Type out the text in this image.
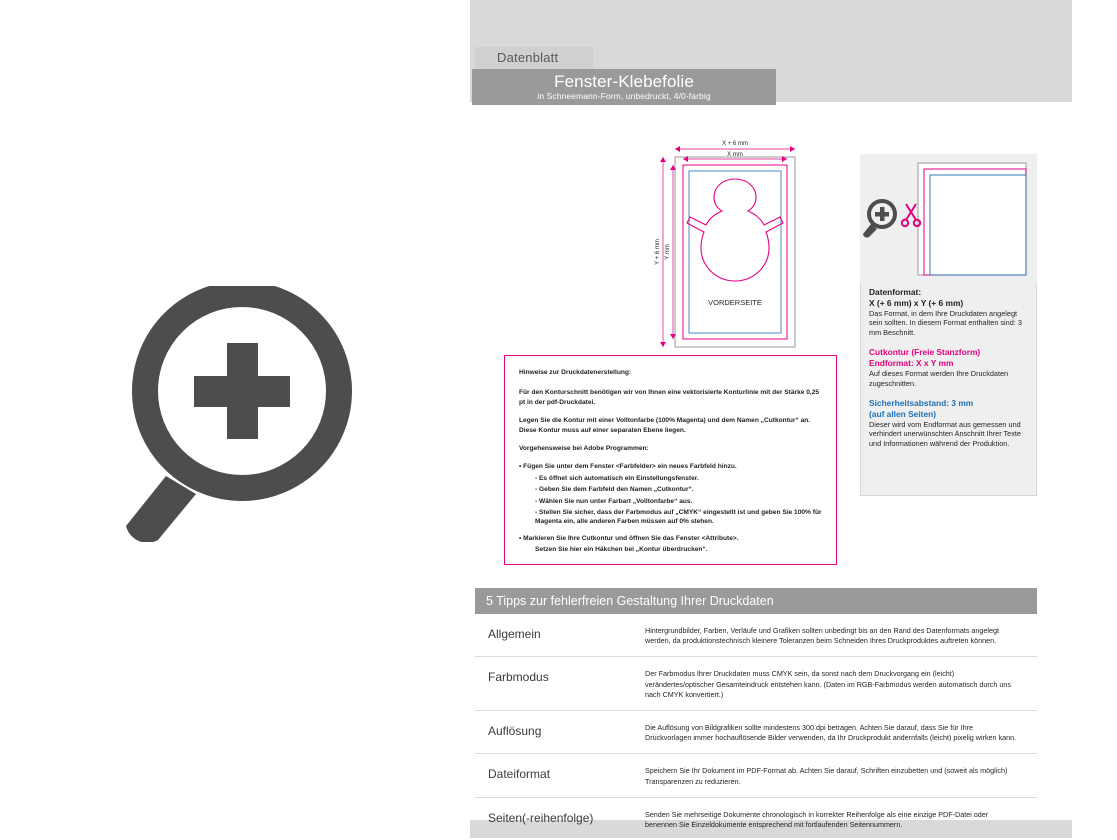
Datenblatt
Fenster-Klebefolie
in Schneemann-Form, unbedruckt, 4/0-farbig
X + 6 mm
X mm
Y + 6 mm Y mm
VORDERSEITE
Datenformat:
X (+ 6 mm) x Y (+ 6 mm)
Das Format, in dem Ihre Druckdaten angelegt sein sollten. In diesem Format enthalten sind: 3 mm Beschnitt.
Cutkontur (Freie Stanzform)
Endformat: X x Y mm
Auf dieses Format werden Ihre Druckdaten zugeschnitten.
Sicherheitsabstand: 3 mm
(auf allen Seiten)
Dieser wird vom Endformat aus gemessen und verhindert unerwünschten Anschnitt Ihrer Texte und Informationen während der Produktion.
Hinweise zur Druckdatenerstellung:

Für den Konturschnitt benötigen wir von Ihnen eine vektorisierte Konturlinie mit der Stärke 0,25 pt in der pdf-Druckdatei.

Legen Sie die Kontur mit einer Volltonfarbe (100% Magenta) und dem Namen „Cutkontur“ an. Diese Kontur muss auf einer separaten Ebene liegen.

Vorgehensweise bei Adobe Programmen:

• Fügen Sie unter dem Fenster <Farbfelder> ein neues Farbfeld hinzu.
- Es öffnet sich automatisch ein Einstellungsfenster.
- Geben Sie dem Farbfeld den Namen „Cutkontur“.
- Wählen Sie nun unter Farbart „Volltonfarbe“ aus.
- Stellen Sie sicher, dass der Farbmodus auf „CMYK“ eingestellt ist und geben Sie 100% für Magenta ein, alle anderen Farben müssen auf 0% stehen.
• Markieren Sie Ihre Cutkontur und öffnen Sie das Fenster <Attribute>.
Setzen Sie hier ein Häkchen bei „Kontur überdrucken“.
5 Tipps zur fehlerfreien Gestaltung Ihrer Druckdaten
Allgemein	Hintergrundbilder, Farben, Verläufe und Grafiken sollten unbedingt bis an den Rand des Datenformats angelegt werden, da produktionstechnisch kleinere Toleranzen beim Schneiden Ihres Druckproduktes auftreten können.
Farbmodus	Der Farbmodus Ihrer Druckdaten muss CMYK sein, da sonst nach dem Druckvorgang ein (leicht) verändertes/optischer Gesamteindruck entstehen kann. (Daten im RGB-Farbmodus werden automatisch durch uns nach CMYK konvertiert.)
Auflösung	Die Auflösung von Bildgrafiken sollte mindestens 300 dpi betragen. Achten Sie darauf, dass Sie für Ihre Druckvorlagen immer hochauflösende Bilder verwenden, da Ihr Druckprodukt andernfalls (leicht) pixelig wirken kann.
Dateiformat	Speichern Sie Ihr Dokument im PDF-Format ab. Achten Sie darauf, Schriften einzubetten und (soweit als möglich) Transparenzen zu reduzieren.
Seiten(-reihenfolge)	Senden Sie mehrseitige Dokumente chronologisch in korrekter Reihenfolge als eine einzige PDF-Datei oder benennen Sie Einzeldokumente entsprechend mit fortlaufenden Seitennummern.
